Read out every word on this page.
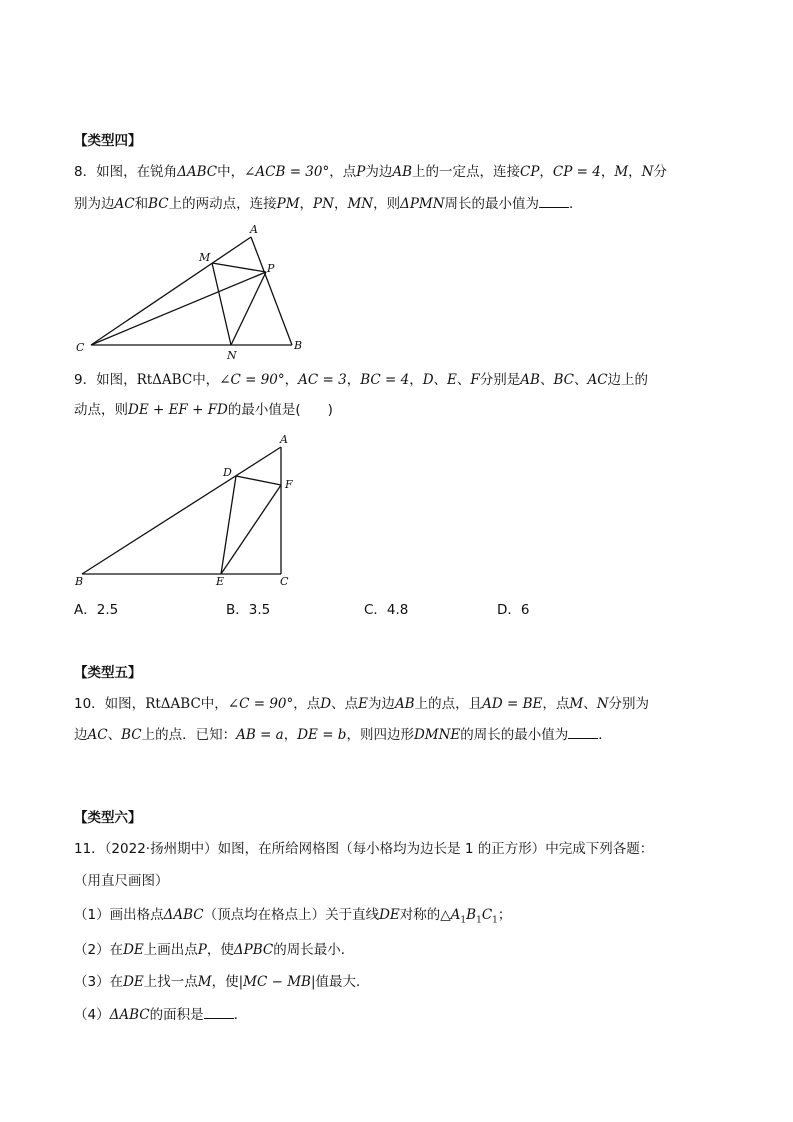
【类型四】
8．如图，在锐角ΔABC中，∠ACB = 30°，点P为边AB上的一定点，连接CP，CP = 4，M，N分
别为边AC和BC上的两动点，连接PM，PN，MN，则ΔPMN周长的最小值为 ．
A
M
P
C
N
B
9．如图，RtΔABC中，∠C = 90°，AC = 3，BC = 4，D、E、F分别是AB、BC、AC边上的
动点，则DE + EF + FD的最小值是(　　)
A
D
F
B	E	C
A．2.5	B．3.5	C．4.8	D．6
【类型五】
10．如图，RtΔABC中，∠C = 90°，点D、点E为边AB上的点，且AD = BE，点M、N分别为
边AC、BC上的点．已知：AB = a，DE = b，则四边形DMNE的周长的最小值为 ．
【类型六】
11．（2022·扬州期中）如图，在所给网格图（每小格均为边长是 1 的正方形）中完成下列各题：
（用直尺画图）
（1）画出格点ΔABC（顶点均在格点上）关于直线DE对称的$\triangle A_1B_1C_1$；
（2）在DE上画出点P，使ΔPBC的周长最小．
（3）在DE上找一点M，使|MC − MB|值最大．
（4）ΔABC的面积是 ．
